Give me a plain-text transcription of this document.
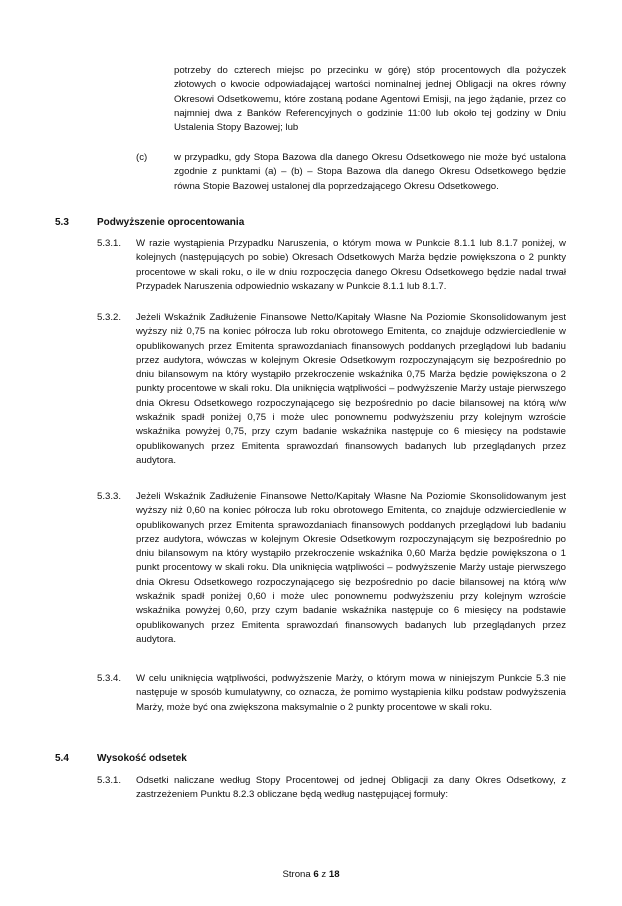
potrzeby do czterech miejsc po przecinku w górę) stóp procentowych dla pożyczek złotowych o kwocie odpowiadającej wartości nominalnej jednej Obligacji na okres równy Okresowi Odsetkowemu, które zostaną podane Agentowi Emisji, na jego żądanie, przez co najmniej dwa z Banków Referencyjnych o godzinie 11:00 lub około tej godziny w Dniu Ustalenia Stopy Bazowej; lub

(c)	w przypadku, gdy Stopa Bazowa dla danego Okresu Odsetkowego nie może być ustalona zgodnie z punktami (a) – (b) – Stopa Bazowa dla danego Okresu Odsetkowego będzie równa Stopie Bazowej ustalonej dla poprzedzającego Okresu Odsetkowego.

5.3	Podwyższenie oprocentowania
5.3.1. W razie wystąpienia Przypadku Naruszenia, o którym mowa w Punkcie 8.1.1 lub 8.1.7 poniżej, w kolejnych (następujących po sobie) Okresach Odsetkowych Marża będzie powiększona o 2 punkty procentowe w skali roku, o ile w dniu rozpoczęcia danego Okresu Odsetkowego będzie nadal trwał Przypadek Naruszenia odpowiednio wskazany w Punkcie 8.1.1 lub 8.1.7.

5.3.2. Jeżeli Wskaźnik Zadłużenie Finansowe Netto/Kapitały Własne Na Poziomie Skonsolidowanym jest wyższy niż 0,75 na koniec półrocza lub roku obrotowego Emitenta, co znajduje odzwierciedlenie w opublikowanych przez Emitenta sprawozdaniach finansowych poddanych przeglądowi lub badaniu przez audytora, wówczas w kolejnym Okresie Odsetkowym rozpoczynającym się bezpośrednio po dniu bilansowym na który wystąpiło przekroczenie wskaźnika 0,75 Marża będzie powiększona o 2 punkty procentowe w skali roku. Dla uniknięcia wątpliwości – podwyższenie Marży ustaje pierwszego dnia Okresu Odsetkowego rozpoczynającego się bezpośrednio po dacie bilansowej na którą w/w wskaźnik spadł poniżej 0,75 i może ulec ponownemu podwyższeniu przy kolejnym wzroście wskaźnika powyżej 0,75, przy czym badanie wskaźnika następuje co 6 miesięcy na podstawie opublikowanych przez Emitenta sprawozdań finansowych badanych lub przeglądanych przez audytora.

5.3.3. Jeżeli Wskaźnik Zadłużenie Finansowe Netto/Kapitały Własne Na Poziomie Skonsolidowanym jest wyższy niż 0,60 na koniec półrocza lub roku obrotowego Emitenta, co znajduje odzwierciedlenie w opublikowanych przez Emitenta sprawozdaniach finansowych poddanych przeglądowi lub badaniu przez audytora, wówczas w kolejnym Okresie Odsetkowym rozpoczynającym się bezpośrednio po dniu bilansowym na który wystąpiło przekroczenie wskaźnika 0,60 Marża będzie powiększona o 1 punkt procentowy w skali roku. Dla uniknięcia wątpliwości – podwyższenie Marży ustaje pierwszego dnia Okresu Odsetkowego rozpoczynającego się bezpośrednio po dacie bilansowej na którą w/w wskaźnik spadł poniżej 0,60 i może ulec ponownemu podwyższeniu przy kolejnym wzroście wskaźnika powyżej 0,60, przy czym badanie wskaźnika następuje co 6 miesięcy na podstawie opublikowanych przez Emitenta sprawozdań finansowych badanych lub przeglądanych przez audytora.

5.3.4. W celu uniknięcia wątpliwości, podwyższenie Marży, o którym mowa w niniejszym Punkcie 5.3 nie następuje w sposób kumulatywny, co oznacza, że pomimo wystąpienia kilku podstaw podwyższenia Marży, może być ona zwiększona maksymalnie o 2 punkty procentowe w skali roku.

5.4	Wysokość odsetek
5.3.1. Odsetki naliczane według Stopy Procentowej od jednej Obligacji za dany Okres Odsetkowy, z zastrzeżeniem Punktu 8.2.3 obliczane będą według następującej formuły:

Strona 6 z 18
